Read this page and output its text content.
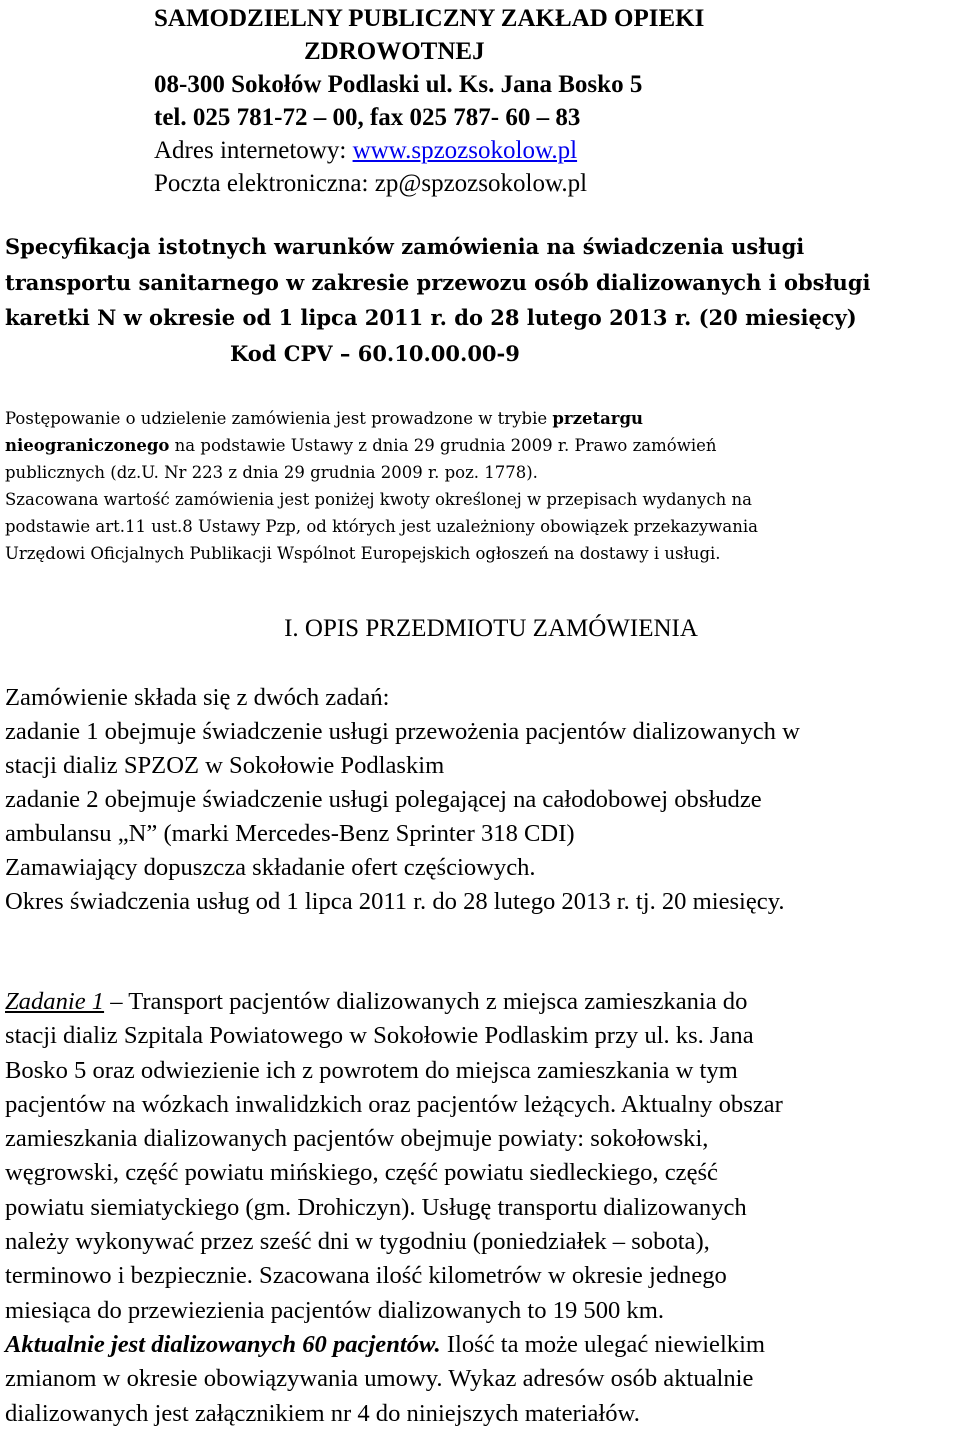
SAMODZIELNY PUBLICZNY ZAKŁAD OPIEKI
ZDROWOTNEJ
08-300 Sokołów Podlaski ul. Ks. Jana Bosko 5
tel. 025 781-72 – 00, fax 025 787- 60 – 83
Adres internetowy: www.spzozsokolow.pl
Poczta elektroniczna: zp@spzozsokolow.pl
Specyfikacja istotnych warunków zamówienia na świadczenia usługi
transportu sanitarnego w zakresie przewozu osób dializowanych i obsługi
karetki N w okresie od 1 lipca 2011 r. do 28 lutego 2013 r. (20 miesięcy)
Kod CPV – 60.10.00.00-9
Postępowanie o udzielenie zamówienia jest prowadzone w trybie przetargu
nieograniczonego na podstawie Ustawy z dnia 29 grudnia 2009 r. Prawo zamówień
publicznych (dz.U. Nr 223 z dnia 29 grudnia 2009 r. poz. 1778).
Szacowana wartość zamówienia jest poniżej kwoty określonej w przepisach wydanych na
podstawie art.11 ust.8 Ustawy Pzp, od których jest uzależniony obowiązek przekazywania
Urzędowi Oficjalnych Publikacji Wspólnot Europejskich ogłoszeń na dostawy i usługi.
I. OPIS PRZEDMIOTU ZAMÓWIENIA
Zamówienie składa się z dwóch zadań:
zadanie 1 obejmuje świadczenie usługi przewożenia pacjentów dializowanych w
stacji dializ SPZOZ w Sokołowie Podlaskim
zadanie 2 obejmuje świadczenie usługi polegającej na całodobowej obsłudze
ambulansu „N” (marki Mercedes-Benz Sprinter 318 CDI)
Zamawiający dopuszcza składanie ofert częściowych.
Okres świadczenia usług od 1 lipca 2011 r. do 28 lutego 2013 r. tj. 20 miesięcy.
Zadanie 1 – Transport pacjentów dializowanych z miejsca zamieszkania do
stacji dializ Szpitala Powiatowego w Sokołowie Podlaskim przy ul. ks. Jana
Bosko 5 oraz odwiezienie ich z powrotem do miejsca zamieszkania w tym
pacjentów na wózkach inwalidzkich oraz pacjentów leżących. Aktualny obszar
zamieszkania dializowanych pacjentów obejmuje powiaty: sokołowski,
węgrowski, część powiatu mińskiego, część powiatu siedleckiego, część
powiatu siemiatyckiego (gm. Drohiczyn). Usługę transportu dializowanych
należy wykonywać przez sześć dni w tygodniu (poniedziałek – sobota),
terminowo i bezpiecznie. Szacowana ilość kilometrów w okresie jednego
miesiąca do przewiezienia pacjentów dializowanych to 19 500 km.
Aktualnie jest dializowanych 60 pacjentów. Ilość ta może ulegać niewielkim
zmianom w okresie obowiązywania umowy. Wykaz adresów osób aktualnie
dializowanych jest załącznikiem nr 4 do niniejszych materiałów.
